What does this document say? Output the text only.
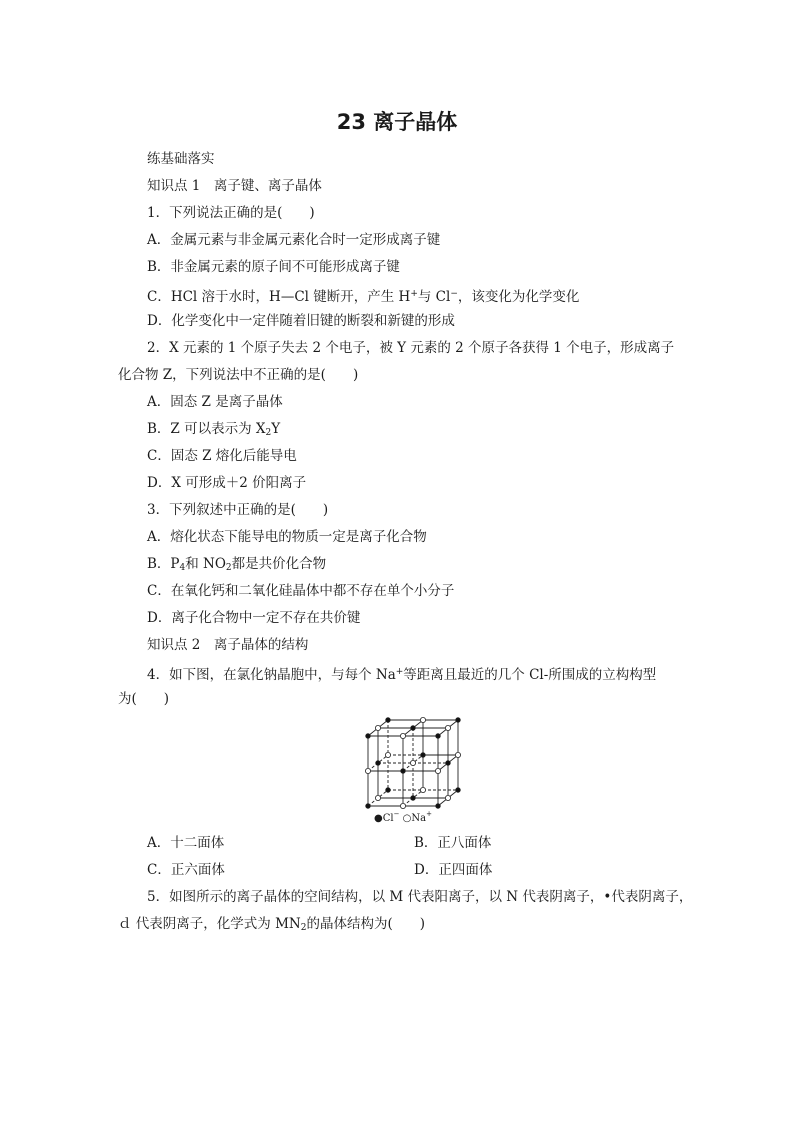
23 离子晶体
练基础落实
知识点 1　离子键、离子晶体
1．下列说法正确的是(　　)
A．金属元素与非金属元素化合时一定形成离子键
B．非金属元素的原子间不可能形成离子键
C．HCl 溶于水时，H—Cl 键断开，产生 H+与 Cl−，该变化为化学变化
D．化学变化中一定伴随着旧键的断裂和新键的形成
2．X 元素的 1 个原子失去 2 个电子，被 Y 元素的 2 个原子各获得 1 个电子，形成离子
化合物 Z，下列说法中不正确的是(　　)
A．固态 Z 是离子晶体
B．Z 可以表示为 $X_2Y$
C．固态 Z 熔化后能导电
D．X 可形成＋2 价阳离子
3．下列叙述中正确的是(　　)
A．熔化状态下能导电的物质一定是离子化合物
B．$P_4$和 $NO_2$都是共价化合物
C．在氧化钙和二氧化硅晶体中都不存在单个小分子
D．离子化合物中一定不存在共价键
知识点 2　离子晶体的结构
4．如下图，在氯化钠晶胞中，与每个 Na+等距离且最近的几个 Cl-所围成的立构构型
为(　　)
●Cl− ○Na+
A．十二面体	B．正八面体
C．正六面体	D．正四面体
5．如图所示的离子晶体的空间结构，以 M 代表阳离子，以 N 代表阴离子，•代表阴离子，
ｄ 代表阴离子，化学式为 $MN_2$的晶体结构为(　　)
